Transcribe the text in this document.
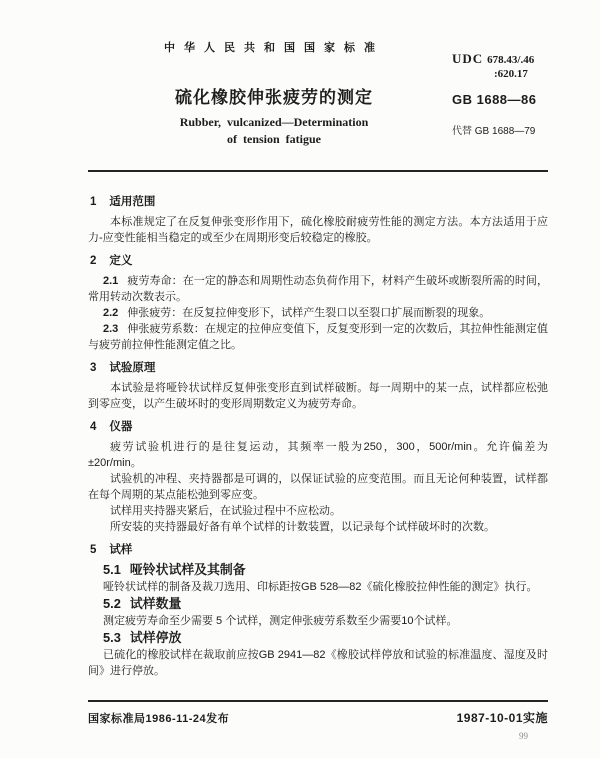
中华人民共和国国家标准
硫化橡胶伸张疲劳的测定
Rubber, vulcanized—Determination
of tension fatigue
UDC 678.43/.46
:620.17
GB 1688—86
代替 GB 1688—79
1 适用范围

本标准规定了在反复伸张变形作用下，硫化橡胶耐疲劳性能的测定方法。本方法适用于应力-应变性能相当稳定的或至少在周期形变后较稳定的橡胶。

2 定义

2.1 疲劳寿命：在一定的静态和周期性动态负荷作用下，材料产生破坏或断裂所需的时间，常用转动次数表示。

2.2 伸张疲劳：在反复拉伸变形下，试样产生裂口以至裂口扩展而断裂的现象。

2.3 伸张疲劳系数：在规定的拉伸应变值下，反复变形到一定的次数后，其拉伸性能测定值与疲劳前拉伸性能测定值之比。

3 试验原理

本试验是将哑铃状试样反复伸张变形直到试样破断。每一周期中的某一点，试样都应松弛到零应变，以产生破坏时的变形周期数定义为疲劳寿命。

4 仪器

疲劳试验机进行的是往复运动，其频率一般为250，300，500r/min。允许偏差为±20r/min。

试验机的冲程、夹持器都是可调的，以保证试验的应变范围。而且无论何种装置，试样都在每个周期的某点能松弛到零应变。

试样用夹持器夹紧后，在试验过程中不应松动。

所安装的夹持器最好备有单个试样的计数装置，以记录每个试样破坏时的次数。

5 试样
5.1 哑铃状试样及其制备

哑铃状试样的制备及裁刀选用、印标距按GB 528—82《硫化橡胶拉伸性能的测定》执行。

5.2 试样数量

测定疲劳寿命至少需要 5 个试样，测定伸张疲劳系数至少需要10个试样。

5.3 试样停放

已硫化的橡胶试样在裁取前应按GB 2941—82《橡胶试样停放和试验的标准温度、湿度及时间》进行停放。

国家标准局1986-11-24发布	1987-10-01实施
99
